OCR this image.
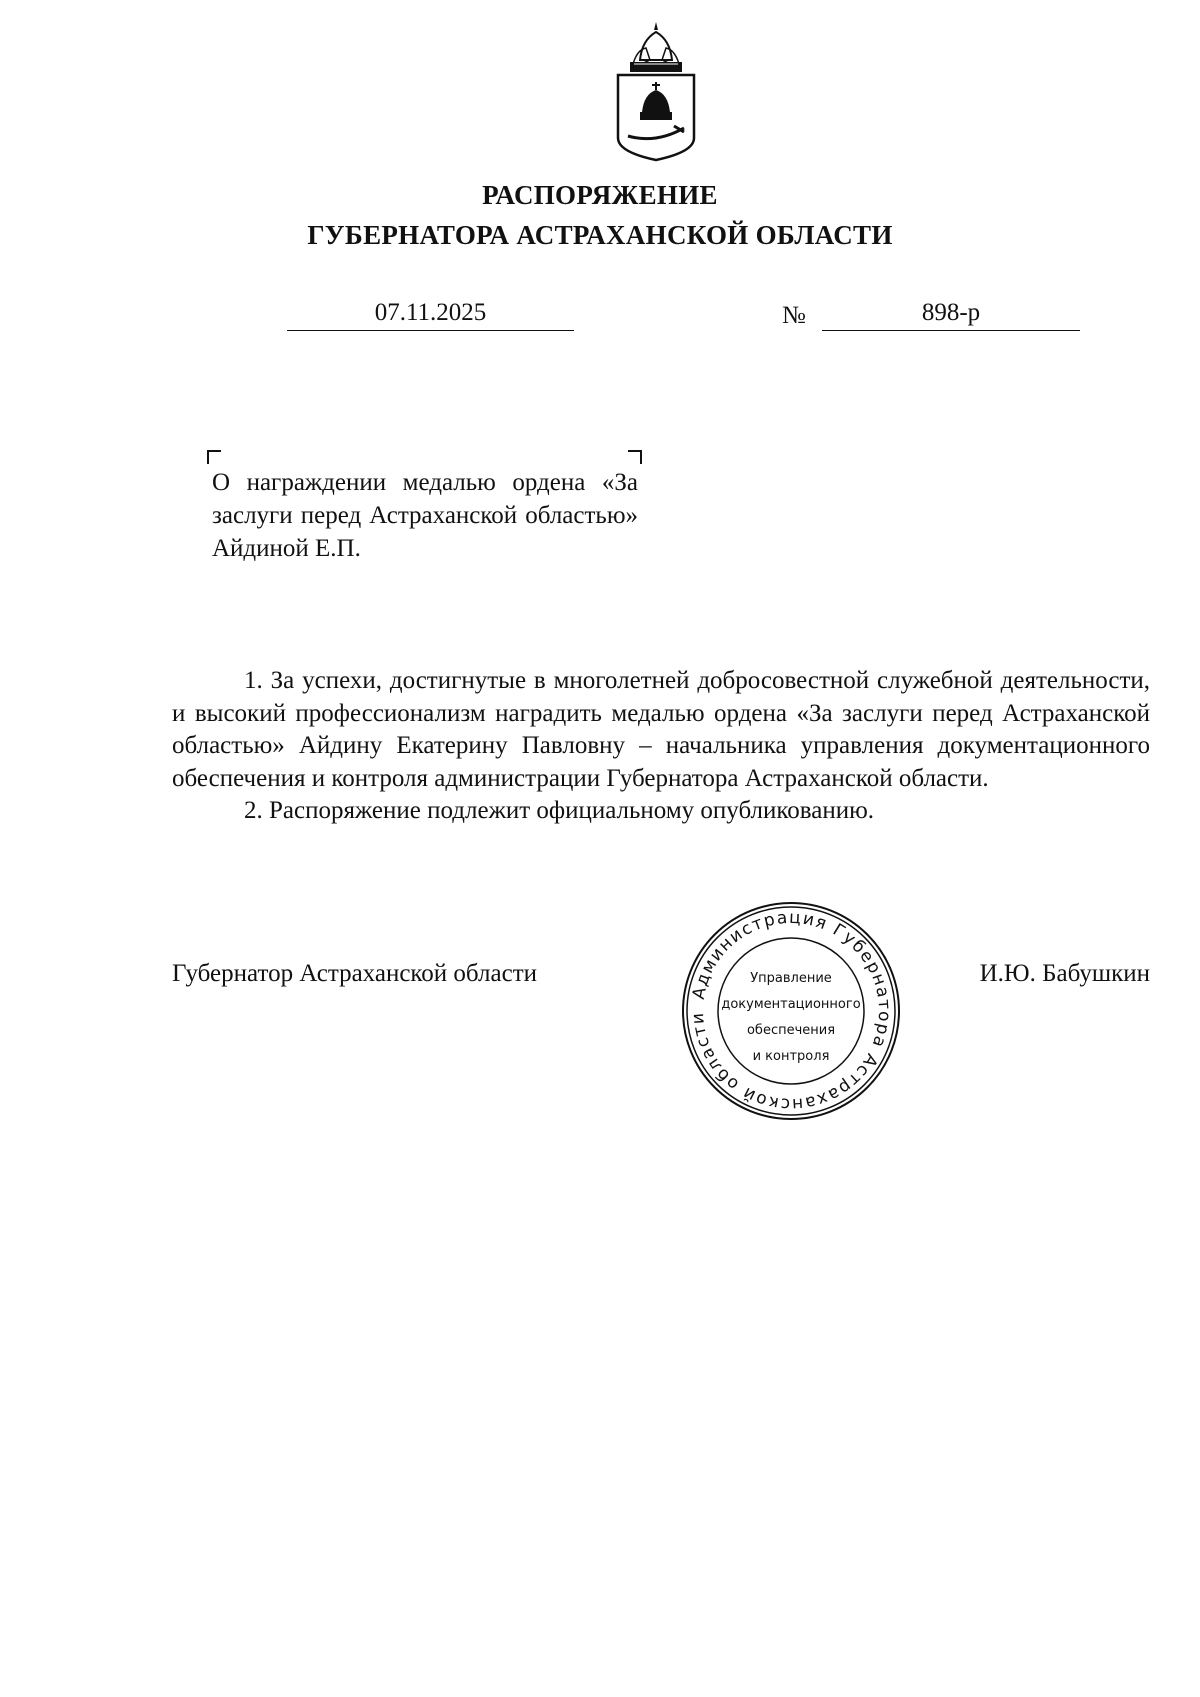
РАСПОРЯЖЕНИЕ
ГУБЕРНАТОРА АСТРАХАНСКОЙ ОБЛАСТИ
07.11.2025	№	898-р
О награждении медалью ордена «За заслуги перед Астраханской областью» Айдиной Е.П.

1. За успехи, достигнутые в многолетней добросовестной служебной деятельности, и высокий профессионализм наградить медалью ордена «За заслуги перед Астраханской областью» Айдину Екатерину Павловну – начальника управления документационного обеспечения и контроля администрации Губернатора Астраханской области.

2. Распоряжение подлежит официальному опубликованию.

Губернатор Астраханской области	И.Ю. Бабушкин
Администрация Губернатора Астраханской области
Управление
документационного
обеспечения
и контроля
